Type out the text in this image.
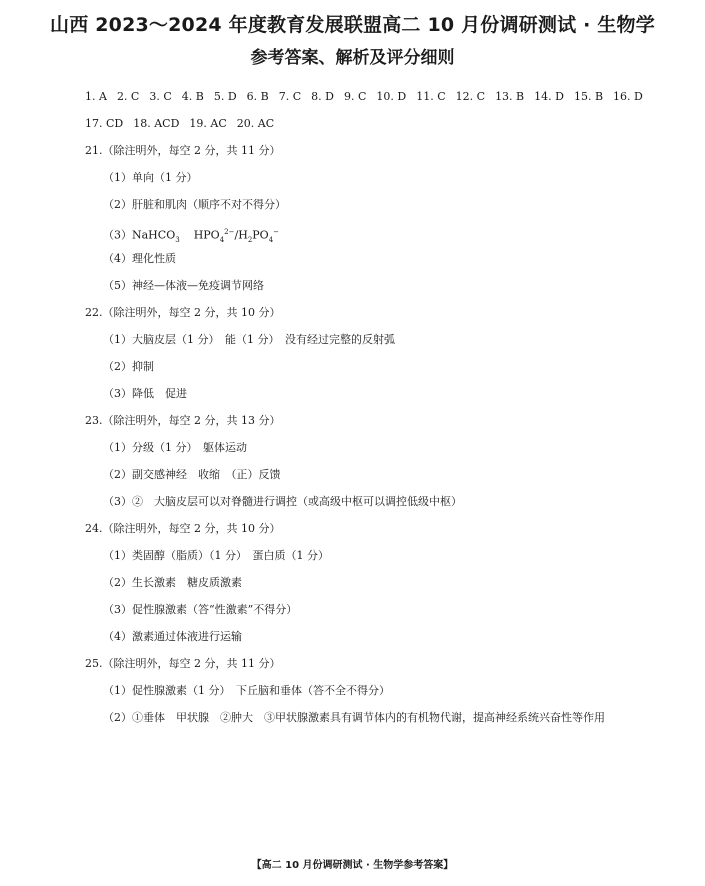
山西 2023～2024 年度教育发展联盟高二 10 月份调研测试 · 生物学
参考答案、解析及评分细则
1. A 2. C 3. C 4. B 5. D 6. B 7. C 8. D 9. C 10. D 11. C 12. C 13. B 14. D 15. B 16. D
17. CD 18. ACD 19. AC 20. AC
21.（除注明外，每空 2 分，共 11 分）
（1）单向（1 分）
（2）肝脏和肌肉（顺序不对不得分）
（3）NaHCO$_3$ $HPO_4^{2-}/H_2PO_4^-$
（4）理化性质
（5）神经—体液—免疫调节网络
22.（除注明外，每空 2 分，共 10 分）
（1）大脑皮层（1 分）　能（1 分）　没有经过完整的反射弧
（2）抑制
（3）降低　促进
23.（除注明外，每空 2 分，共 13 分）
（1）分级（1 分）　躯体运动
（2）副交感神经　收缩　（正）反馈
（3）②　大脑皮层可以对脊髓进行调控（或高级中枢可以调控低级中枢）
24.（除注明外，每空 2 分，共 10 分）
（1）类固醇（脂质）（1 分）　蛋白质（1 分）
（2）生长激素　糖皮质激素
（3）促性腺激素（答“性激素”不得分）
（4）激素通过体液进行运输
25.（除注明外，每空 2 分，共 11 分）
（1）促性腺激素（1 分）　下丘脑和垂体（答不全不得分）
（2）①垂体　甲状腺　②肿大　③甲状腺激素具有调节体内的有机物代谢，提高神经系统兴奋性等作用
【高二 10 月份调研测试 · 生物学参考答案】
